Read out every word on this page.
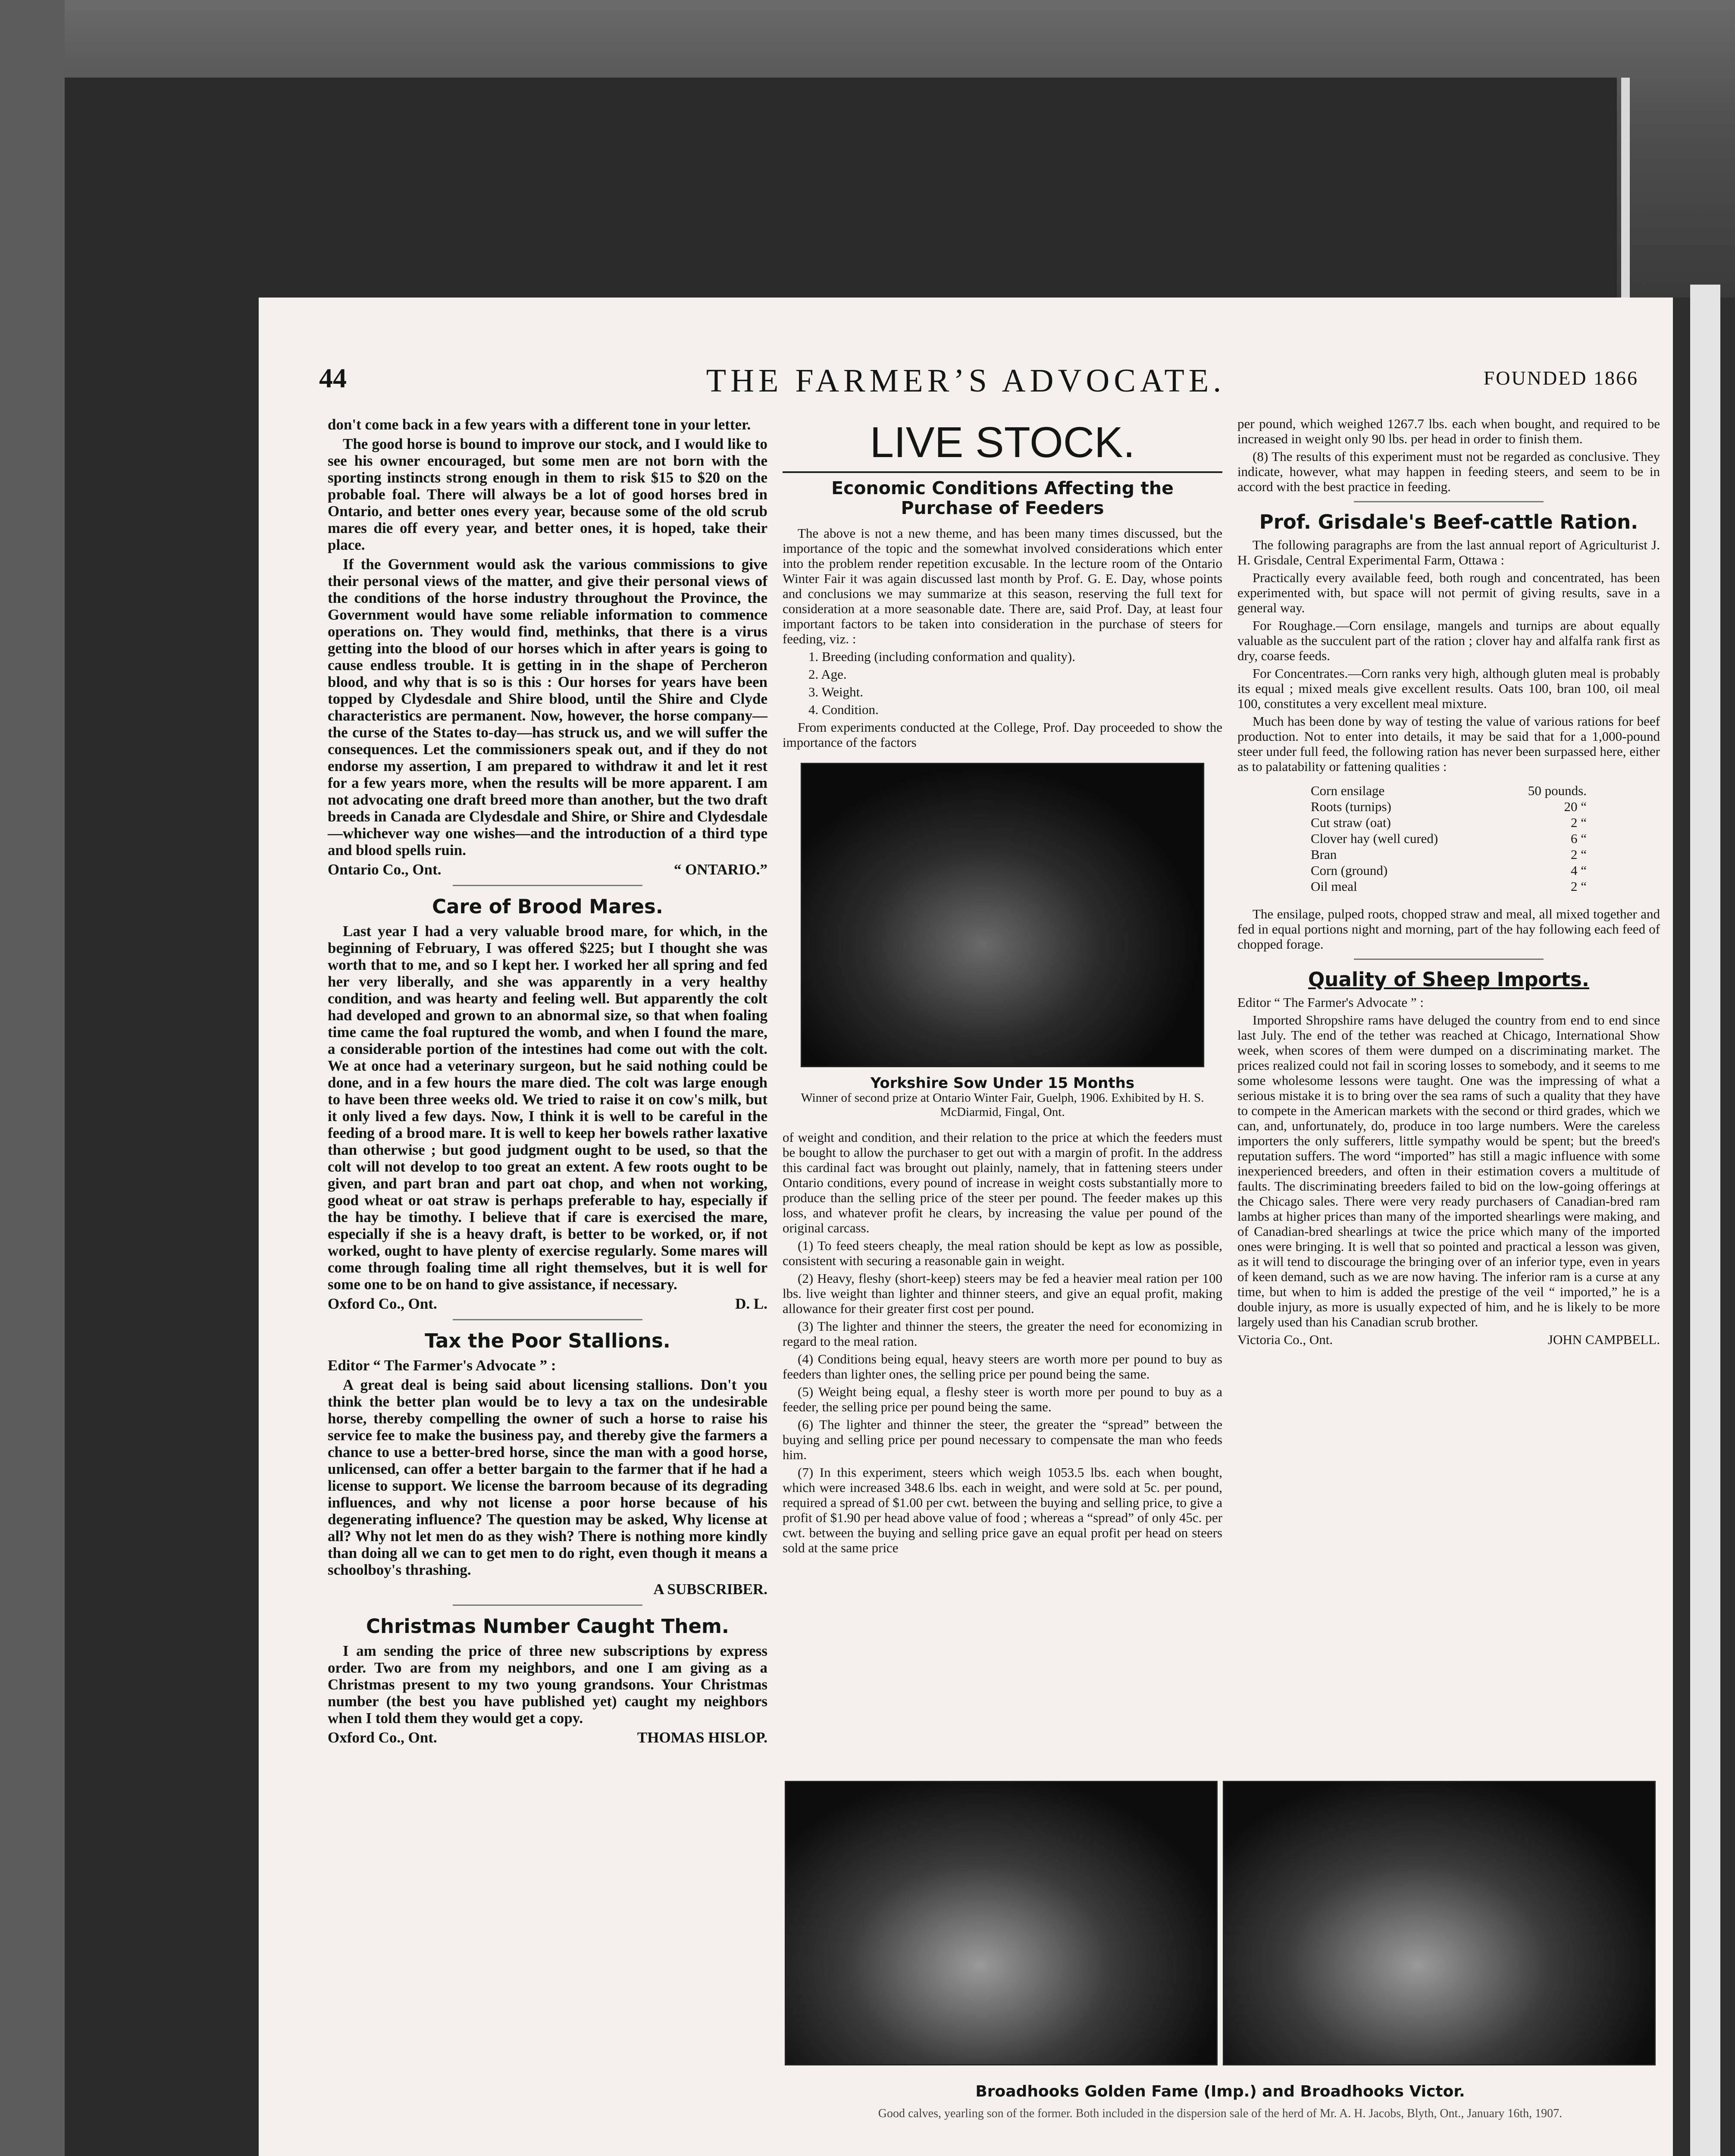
THE FARMER’S ADVOCATE.
44	FOUNDED 1866

don't come back in a few years with a different tone in your letter.

The good horse is bound to improve our stock, and I would like to see his owner encouraged, but some men are not born with the sporting instincts strong enough in them to risk $15 to $20 on the probable foal. There will always be a lot of good horses bred in Ontario, and better ones every year, because some of the old scrub mares die off every year, and better ones, it is hoped, take their place.

If the Government would ask the various commissions to give their personal views of the matter, and give their personal views of the conditions of the horse industry throughout the Province, the Government would have some reliable information to commence operations on. They would find, methinks, that there is a virus getting into the blood of our horses which in after years is going to cause endless trouble. It is getting in in the shape of Percheron blood, and why that is so is this : Our horses for years have been topped by Clydesdale and Shire blood, until the Shire and Clyde characteristics are permanent. Now, however, the horse company—the curse of the States to-day—has struck us, and we will suffer the consequences. Let the commissioners speak out, and if they do not endorse my assertion, I am prepared to withdraw it and let it rest for a few years more, when the results will be more apparent. I am not advocating one draft breed more than another, but the two draft breeds in Canada are Clydesdale and Shire, or Shire and Clydesdale—whichever way one wishes—and the introduction of a third type and blood spells ruin.

Ontario Co., Ont.	“ ONTARIO.”

Care of Brood Mares.

Last year I had a very valuable brood mare, for which, in the beginning of February, I was offered $225; but I thought she was worth that to me, and so I kept her. I worked her all spring and fed her very liberally, and she was apparently in a very healthy condition, and was hearty and feeling well. But apparently the colt had developed and grown to an abnormal size, so that when foaling time came the foal ruptured the womb, and when I found the mare, a considerable portion of the intestines had come out with the colt. We at once had a veterinary surgeon, but he said nothing could be done, and in a few hours the mare died. The colt was large enough to have been three weeks old. We tried to raise it on cow's milk, but it only lived a few days. Now, I think it is well to be careful in the feeding of a brood mare. It is well to keep her bowels rather laxative than otherwise ; but good judgment ought to be used, so that the colt will not develop to too great an extent. A few roots ought to be given, and part bran and part oat chop, and when not working, good wheat or oat straw is perhaps preferable to hay, especially if the hay be timothy. I believe that if care is exercised the mare, especially if she is a heavy draft, is better to be worked, or, if not worked, ought to have plenty of exercise regularly. Some mares will come through foaling time all right themselves, but it is well for some one to be on hand to give assistance, if necessary.

Oxford Co., Ont.	D. L.

Tax the Poor Stallions.

Editor “ The Farmer's Advocate ” :

A great deal is being said about licensing stallions. Don't you think the better plan would be to levy a tax on the undesirable horse, thereby compelling the owner of such a horse to raise his service fee to make the business pay, and thereby give the farmers a chance to use a better-bred horse, since the man with a good horse, unlicensed, can offer a better bargain to the farmer that if he had a license to support. We license the barroom because of its degrading influences, and why not license a poor horse because of his degenerating influence? The question may be asked, Why license at all? Why not let men do as they wish? There is nothing more kindly than doing all we can to get men to do right, even though it means a schoolboy's thrashing.

A SUBSCRIBER.

Christmas Number Caught Them.

I am sending the price of three new subscriptions by express order. Two are from my neighbors, and one I am giving as a Christmas present to my two young grandsons. Your Christmas number (the best you have published yet) caught my neighbors when I told them they would get a copy.

Oxford Co., Ont.	THOMAS HISLOP.

LIVE STOCK.
Economic Conditions Affecting the Purchase of Feeders

The above is not a new theme, and has been many times discussed, but the importance of the topic and the somewhat involved considerations which enter into the problem render repetition excusable. In the lecture room of the Ontario Winter Fair it was again discussed last month by Prof. G. E. Day, whose points and conclusions we may summarize at this season, reserving the full text for consideration at a more seasonable date. There are, said Prof. Day, at least four important factors to be taken into consideration in the purchase of steers for feeding, viz. :

1. Breeding (including conformation and quality).

2. Age.

3. Weight.

4. Condition.

From experiments conducted at the College, Prof. Day proceeded to show the importance of the factors

Yorkshire Sow Under 15 Months
Winner of second prize at Ontario Winter Fair, Guelph, 1906. Exhibited by H. S. McDiarmid, Fingal, Ont.

of weight and condition, and their relation to the price at which the feeders must be bought to allow the purchaser to get out with a margin of profit. In the address this cardinal fact was brought out plainly, namely, that in fattening steers under Ontario conditions, every pound of increase in weight costs substantially more to produce than the selling price of the steer per pound. The feeder makes up this loss, and whatever profit he clears, by increasing the value per pound of the original carcass.

(1) To feed steers cheaply, the meal ration should be kept as low as possible, consistent with securing a reasonable gain in weight.

(2) Heavy, fleshy (short-keep) steers may be fed a heavier meal ration per 100 lbs. live weight than lighter and thinner steers, and give an equal profit, making allowance for their greater first cost per pound.

(3) The lighter and thinner the steers, the greater the need for economizing in regard to the meal ration.

(4) Conditions being equal, heavy steers are worth more per pound to buy as feeders than lighter ones, the selling price per pound being the same.

(5) Weight being equal, a fleshy steer is worth more per pound to buy as a feeder, the selling price per pound being the same.

(6) The lighter and thinner the steer, the greater the “spread” between the buying and selling price per pound necessary to compensate the man who feeds him.

(7) In this experiment, steers which weigh 1053.5 lbs. each when bought, which were increased 348.6 lbs. each in weight, and were sold at 5c. per pound, required a spread of $1.00 per cwt. between the buying and selling price, to give a profit of $1.90 per head above value of food ; whereas a “spread” of only 45c. per cwt. between the buying and selling price gave an equal profit per head on steers sold at the same price

per pound, which weighed 1267.7 lbs. each when bought, and required to be increased in weight only 90 lbs. per head in order to finish them.

(8) The results of this experiment must not be regarded as conclusive. They indicate, however, what may happen in feeding steers, and seem to be in accord with the best practice in feeding.

Prof. Grisdale's Beef-cattle Ration.

The following paragraphs are from the last annual report of Agriculturist J. H. Grisdale, Central Experimental Farm, Ottawa :

Practically every available feed, both rough and concentrated, has been experimented with, but space will not permit of giving results, save in a general way.

For Roughage.—Corn ensilage, mangels and turnips are about equally valuable as the succulent part of the ration ; clover hay and alfalfa rank first as dry, coarse feeds.

For Concentrates.—Corn ranks very high, although gluten meal is probably its equal ; mixed meals give excellent results. Oats 100, bran 100, oil meal 100, constitutes a very excellent meal mixture.

Much has been done by way of testing the value of various rations for beef production. Not to enter into details, it may be said that for a 1,000-pound steer under full feed, the following ration has never been surpassed here, either as to palatability or fattening qualities :

Corn ensilage	50 pounds.
Roots (turnips)	20 “
Cut straw (oat)	2 “
Clover hay (well cured)	6 “
Bran	2 “
Corn (ground)	4 “
Oil meal	2 “

The ensilage, pulped roots, chopped straw and meal, all mixed together and fed in equal portions night and morning, part of the hay following each feed of chopped forage.

Quality of Sheep Imports.

Editor “ The Farmer's Advocate ” :

Imported Shropshire rams have deluged the country from end to end since last July. The end of the tether was reached at Chicago, International Show week, when scores of them were dumped on a discriminating market. The prices realized could not fail in scoring losses to somebody, and it seems to me some wholesome lessons were taught. One was the impressing of what a serious mistake it is to bring over the sea rams of such a quality that they have to compete in the American markets with the second or third grades, which we can, and, unfortunately, do, produce in too large numbers. Were the careless importers the only sufferers, little sympathy would be spent; but the breed's reputation suffers. The word “imported” has still a magic influence with some inexperienced breeders, and often in their estimation covers a multitude of faults. The discriminating breeders failed to bid on the low-going offerings at the Chicago sales. There were very ready purchasers of Canadian-bred ram lambs at higher prices than many of the imported shearlings were making, and of Canadian-bred shearlings at twice the price which many of the imported ones were bringing. It is well that so pointed and practical a lesson was given, as it will tend to discourage the bringing over of an inferior type, even in years of keen demand, such as we are now having. The inferior ram is a curse at any time, but when to him is added the prestige of the veil “ imported,” he is a double injury, as more is usually expected of him, and he is likely to be more largely used than his Canadian scrub brother.

Victoria Co., Ont.	JOHN CAMPBELL.

Broadhooks Golden Fame (Imp.) and Broadhooks Victor.
Good calves, yearling son of the former. Both included in the dispersion sale of the herd of Mr. A. H. Jacobs, Blyth, Ont., January 16th, 1907.
